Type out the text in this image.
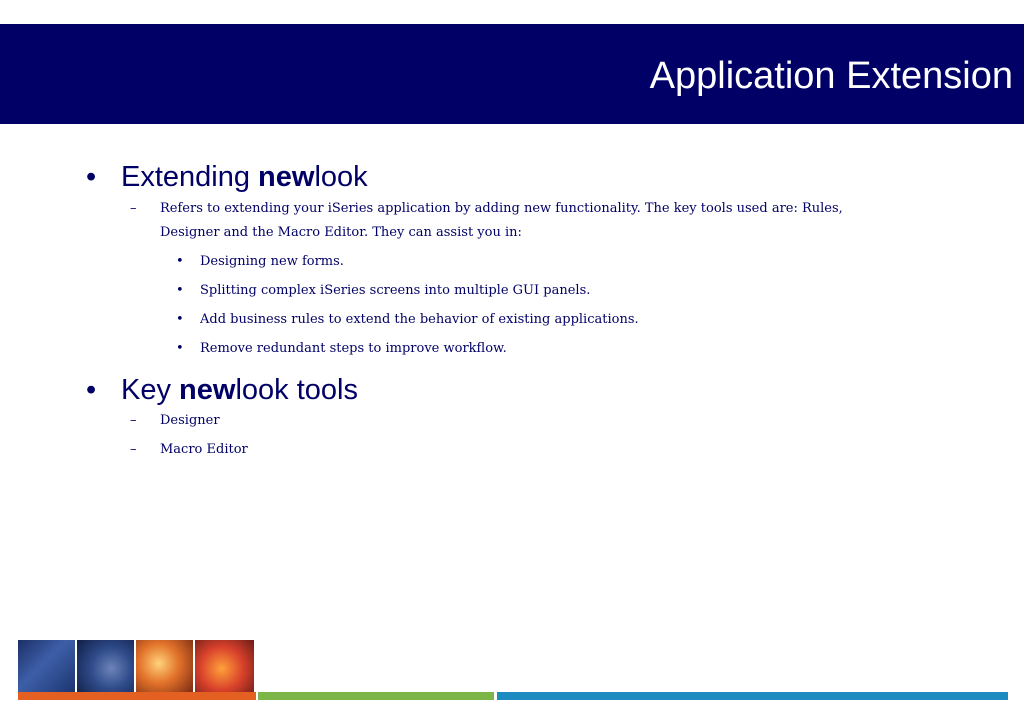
Application Extension
• Extending newlook
– Refers to extending your iSeries application by adding new functionality. The key tools used are: Rules, Designer and the Macro Editor. They can assist you in:
• Designing new forms.
• Splitting complex iSeries screens into multiple GUI panels.
• Add business rules to extend the behavior of existing applications.
• Remove redundant steps to improve workflow.
• Key newlook tools
– Designer
– Macro Editor
